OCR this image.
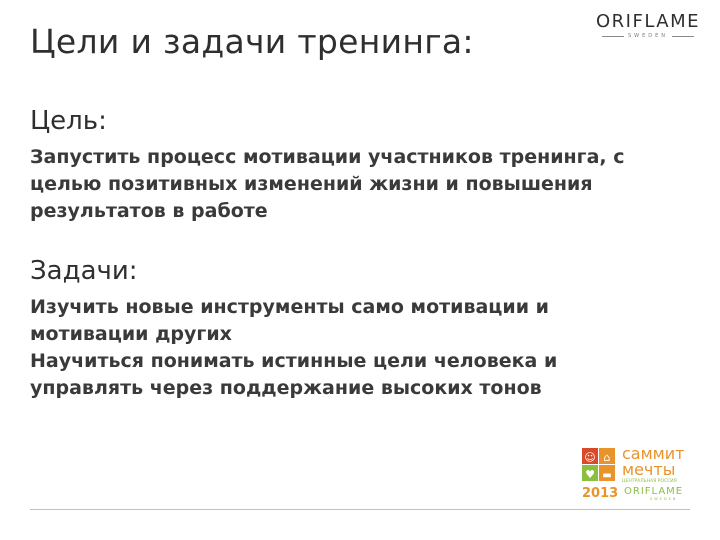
Цели и задачи тренинга:
ORIFLAME
SWEDEN
Цель:

Запустить процесс мотивации участников тренинга, с целью позитивных изменений жизни и повышения результатов в работе

Задачи:

Изучить новые инструменты само мотивации и мотивации других

Научиться понимать истинные цели человека и управлять через поддержание высоких тонов

☺ ⌂
♥ ▬
саммит
мечты
ЦЕНТРАЛЬНАЯ РОССИЯ
2013 ORIFLAME
SWEDEN
